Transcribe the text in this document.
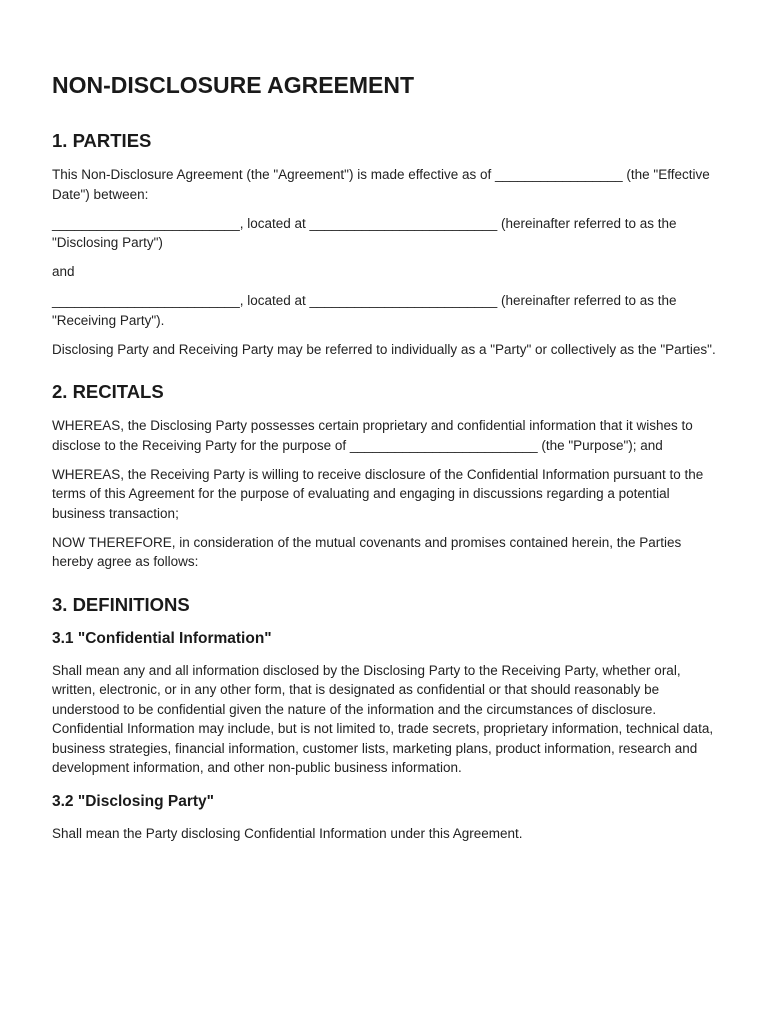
NON-DISCLOSURE AGREEMENT
1. PARTIES

This Non-Disclosure Agreement (the "Agreement") is made effective as of _________________ (the "Effective Date") between:

_________________________, located at _________________________ (hereinafter referred to as the "Disclosing Party")

and

_________________________, located at _________________________ (hereinafter referred to as the "Receiving Party").

Disclosing Party and Receiving Party may be referred to individually as a "Party" or collectively as the "Parties".

2. RECITALS

WHEREAS, the Disclosing Party possesses certain proprietary and confidential information that it wishes to disclose to the Receiving Party for the purpose of _________________________ (the "Purpose"); and

WHEREAS, the Receiving Party is willing to receive disclosure of the Confidential Information pursuant to the terms of this Agreement for the purpose of evaluating and engaging in discussions regarding a potential business transaction;

NOW THEREFORE, in consideration of the mutual covenants and promises contained herein, the Parties hereby agree as follows:

3. DEFINITIONS
3.1 "Confidential Information"

Shall mean any and all information disclosed by the Disclosing Party to the Receiving Party, whether oral, written, electronic, or in any other form, that is designated as confidential or that should reasonably be understood to be confidential given the nature of the information and the circumstances of disclosure. Confidential Information may include, but is not limited to, trade secrets, proprietary information, technical data, business strategies, financial information, customer lists, marketing plans, product information, research and development information, and other non-public business information.

3.2 "Disclosing Party"

Shall mean the Party disclosing Confidential Information under this Agreement.
